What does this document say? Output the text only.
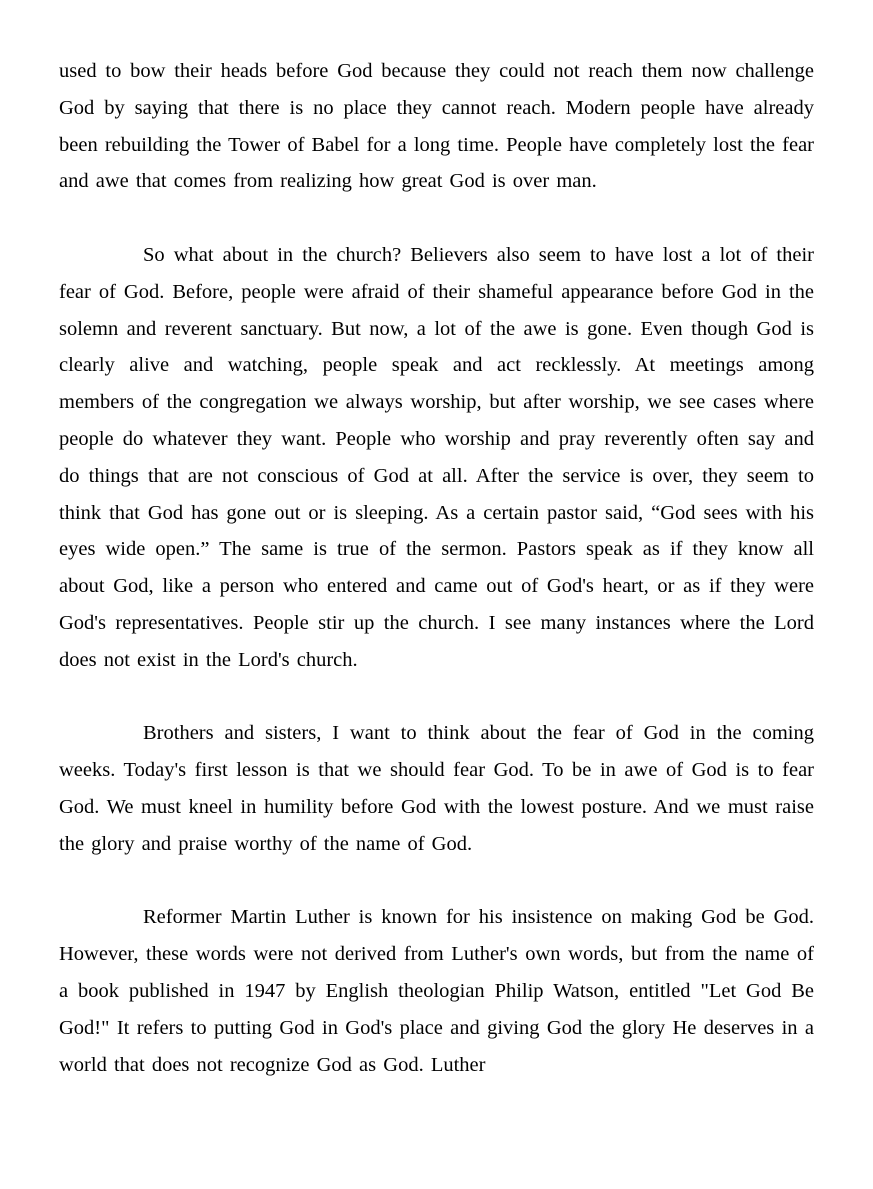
used to bow their heads before God because they could not reach them now challenge God by saying that there is no place they cannot reach. Modern people have already been rebuilding the Tower of Babel for a long time. People have completely lost the fear and awe that comes from realizing how great God is over man.

So what about in the church? Believers also seem to have lost a lot of their fear of God. Before, people were afraid of their shameful appearance before God in the solemn and reverent sanctuary. But now, a lot of the awe is gone. Even though God is clearly alive and watching, people speak and act recklessly. At meetings among members of the congregation we always worship, but after worship, we see cases where people do whatever they want. People who worship and pray reverently often say and do things that are not conscious of God at all. After the service is over, they seem to think that God has gone out or is sleeping. As a certain pastor said, “God sees with his eyes wide open.” The same is true of the sermon. Pastors speak as if they know all about God, like a person who entered and came out of God's heart, or as if they were God's representatives. People stir up the church. I see many instances where the Lord does not exist in the Lord's church.

Brothers and sisters, I want to think about the fear of God in the coming weeks. Today's first lesson is that we should fear God. To be in awe of God is to fear God. We must kneel in humility before God with the lowest posture. And we must raise the glory and praise worthy of the name of God.

Reformer Martin Luther is known for his insistence on making God be God. However, these words were not derived from Luther's own words, but from the name of a book published in 1947 by English theologian Philip Watson, entitled "Let God Be God!" It refers to putting God in God's place and giving God the glory He deserves in a world that does not recognize God as God. Luther
